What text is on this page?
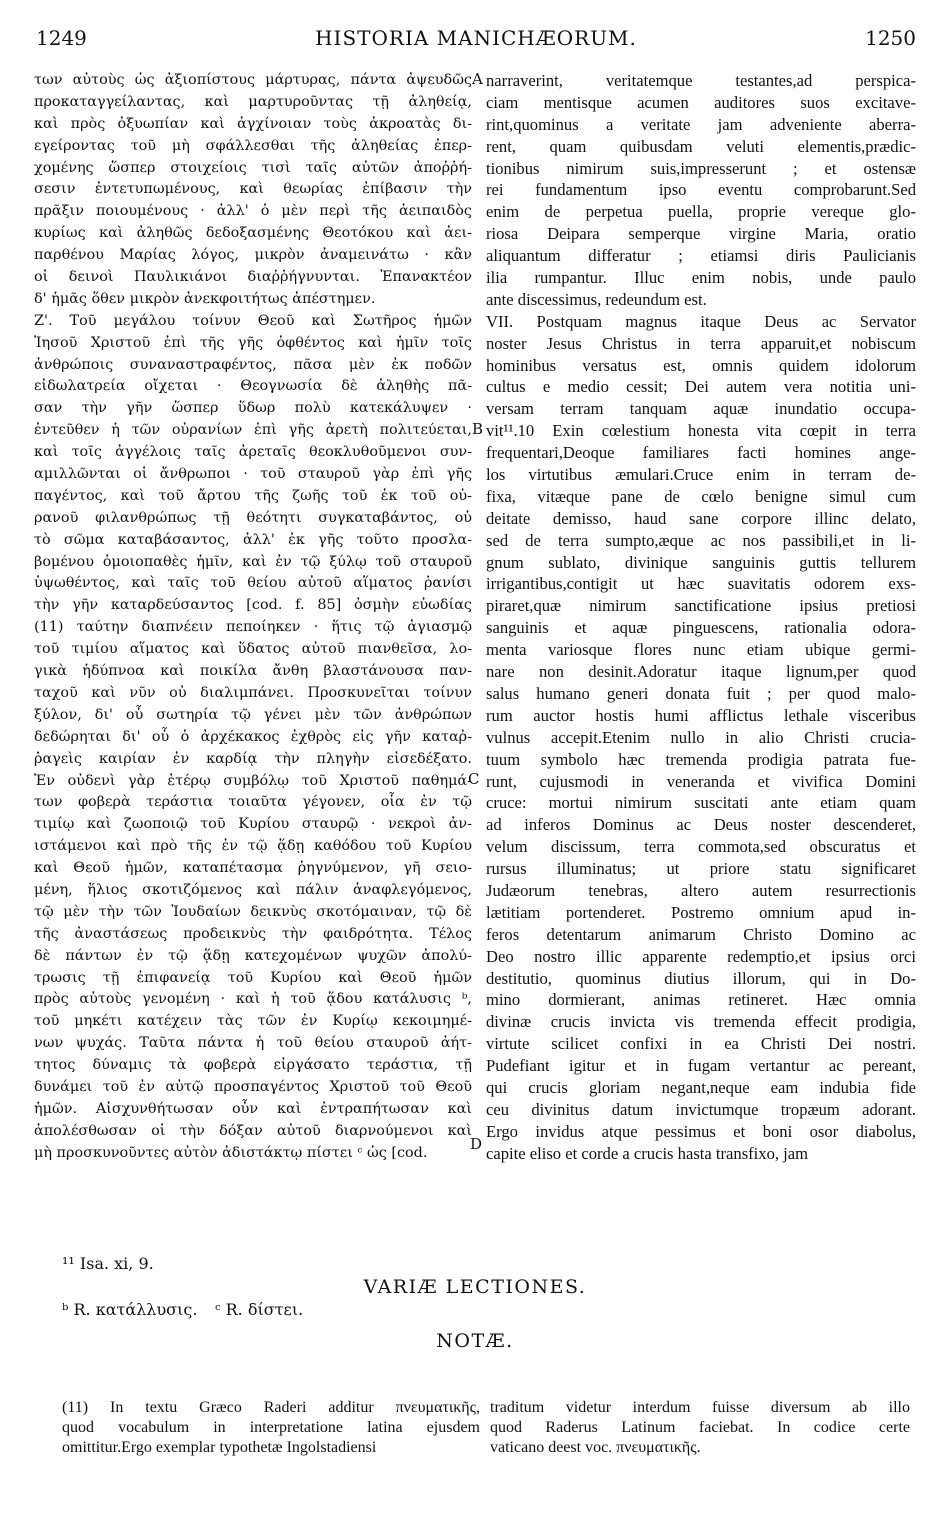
1249	HISTORIA MANICHÆORUM.	1250
των αὐτοὺς ὡς ἀξιοπίστους μάρτυρας, πάντα ἀψευδῶς
προκαταγγείλαντας, καὶ μαρτυροῦντας τῇ ἀληθείᾳ,
καὶ πρὸς ὀξυωπίαν καὶ ἀγχίνοιαν τοὺς ἀκροατὰς δι-
εγείροντας τοῦ μὴ σφάλλεσθαι τῆς ἀληθείας ἐπερ-
χομένης ὥσπερ στοιχείοις τισὶ ταῖς αὐτῶν ἀποῤῥή-
σεσιν ἐντετυπωμένους, καὶ θεωρίας ἐπίβασιν τὴν
πρᾶξιν ποιουμένους · ἀλλ' ὁ μὲν περὶ τῆς ἀειπαιδὸς
κυρίως καὶ ἀληθῶς δεδοξασμένης Θεοτόκου καὶ ἀει-
παρθένου Μαρίας λόγος, μικρὸν ἀναμεινάτω · κἂν
οἱ δεινοὶ Παυλικιάνοι διαῤῥήγνυνται. Ἐπανακτέον
δ' ἡμᾶς ὅθεν μικρὸν ἀνεκφοιτήτως ἀπέστημεν.
Ζ'. Τοῦ μεγάλου τοίνυν Θεοῦ καὶ Σωτῆρος ἡμῶν
Ἰησοῦ Χριστοῦ ἐπὶ τῆς γῆς ὀφθέντος καὶ ἡμῖν τοῖς
ἀνθρώποις συναναστραφέντος, πᾶσα μὲν ἐκ ποδῶν
εἰδωλατρεία οἴχεται · Θεογνωσία δὲ ἀληθὴς πᾶ-
σαν τὴν γῆν ὥσπερ ὕδωρ πολὺ κατεκάλυψεν ·
ἐντεῦθεν ἡ τῶν οὐρανίων ἐπὶ γῆς ἀρετὴ πολιτεύεται,
καὶ τοῖς ἀγγέλοις ταῖς ἀρεταῖς θεοκλυθοῦμενοι συν-
αμιλλῶνται οἱ ἄνθρωποι · τοῦ σταυροῦ γὰρ ἐπὶ γῆς
παγέντος, καὶ τοῦ ἄρτου τῆς ζωῆς τοῦ ἐκ τοῦ οὐ-
ρανοῦ φιλανθρώπως τῇ θεότητι συγκαταβάντος, οὐ
τὸ σῶμα καταβάσαντος, ἀλλ' ἐκ γῆς τοῦτο προσλα-
βομένου ὁμοιοπαθὲς ἡμῖν, καὶ ἐν τῷ ξύλῳ τοῦ σταυροῦ
ὑψωθέντος, καὶ ταῖς τοῦ θείου αὐτοῦ αἵματος ῥανίσι
τὴν γῆν καταρδεύσαντος [cod. f. 85] ὀσμὴν εὐωδίας
(11) ταύτην διαπνέειν πεποίηκεν · ἥτις τῷ ἁγιασμῷ
τοῦ τιμίου αἵματος καὶ ὕδατος αὐτοῦ πιανθεῖσα, λο-
γικὰ ἡδύπνοα καὶ ποικίλα ἄνθη βλαστάνουσα παν-
ταχοῦ καὶ νῦν οὐ διαλιμπάνει. Προσκυνεῖται τοίνυν
ξύλον, δι' οὗ σωτηρία τῷ γένει μὲν τῶν ἀνθρώπων
δεδώρηται δι' οὗ ὁ ἀρχέκακος ἐχθρὸς εἰς γῆν καταῤ-
ῥαγεὶς καιρίαν ἐν καρδίᾳ τὴν πληγὴν εἰσεδέξατο.
Ἐν οὐδενὶ γὰρ ἑτέρῳ συμβόλῳ τοῦ Χριστοῦ παθημά-
των φοβερὰ τεράστια τοιαῦτα γέγονεν, οἷα ἐν τῷ
τιμίῳ καὶ ζωοποιῷ τοῦ Κυρίου σταυρῷ · νεκροὶ ἀν-
ιστάμενοι καὶ πρὸ τῆς ἐν τῷ ᾅδῃ καθόδου τοῦ Κυρίου
καὶ Θεοῦ ἡμῶν, καταπέτασμα ῥηγνύμενον, γῆ σειο-
μένη, ἥλιος σκοτιζόμενος καὶ πάλιν ἀναφλεγόμενος,
τῷ μὲν τὴν τῶν Ἰουδαίων δεικνὺς σκοτόμαιναν, τῷ δὲ
τῆς ἀναστάσεως προδεικνὺς τὴν φαιδρότητα. Τέλος
δὲ πάντων ἐν τῷ ᾅδῃ κατεχομένων ψυχῶν ἀπολύ-
τρωσις τῇ ἐπιφανείᾳ τοῦ Κυρίου καὶ Θεοῦ ἡμῶν
πρὸς αὐτοὺς γενομένη · καὶ ἡ τοῦ ᾅδου κατάλυσις ᵇ,
τοῦ μηκέτι κατέχειν τὰς τῶν ἐν Κυρίῳ κεκοιμημέ-
νων ψυχάς. Ταῦτα πάντα ἡ τοῦ θείου σταυροῦ ἀήτ-
τητος δύναμις τὰ φοβερὰ εἰργάσατο τεράστια, τῇ
δυνάμει τοῦ ἐν αὐτῷ προσπαγέντος Χριστοῦ τοῦ Θεοῦ
ἡμῶν. Αἰσχυνθήτωσαν οὖν καὶ ἐντραπήτωσαν καὶ
ἀπολέσθωσαν οἱ τὴν δόξαν αὐτοῦ διαρνούμενοι καὶ
μὴ προσκυνοῦντες αὐτὸν ἀδιστάκτῳ πίστει ᶜ ὡς [cod.
narraverint, veritatemque testantes,ad perspica-
ciam mentisque acumen auditores suos excitave-
rint,quominus a veritate jam adveniente aberra-
rent, quam quibusdam veluti elementis,prædic-
tionibus nimirum suis,impresserunt ; et ostensæ
rei fundamentum ipso eventu comprobarunt.Sed
enim de perpetua puella, proprie vereque glo-
riosa Deipara semperque virgine Maria, oratio
aliquantum differatur ; etiamsi diris Paulicianis
ilia rumpantur. Illuc enim nobis, unde paulo
ante discessimus, redeundum est.
VII. Postquam magnus itaque Deus ac Servator
noster Jesus Christus in terra apparuit,et nobiscum
hominibus versatus est, omnis quidem idolorum
cultus e medio cessit; Dei autem vera notitia uni-
versam terram tanquam aquæ inundatio occupa-
vit¹¹.10 Exin cœlestium honesta vita cœpit in terra
frequentari,Deoque familiares facti homines ange-
los virtutibus æmulari.Cruce enim in terram de-
fixa, vitæque pane de cœlo benigne simul cum
deitate demisso, haud sane corpore illinc delato,
sed de terra sumpto,æque ac nos passibili,et in li-
gnum sublato, divinique sanguinis guttis tellurem
irrigantibus,contigit ut hæc suavitatis odorem exs-
piraret,quæ nimirum sanctificatione ipsius pretiosi
sanguinis et aquæ pinguescens, rationalia odora-
menta variosque flores nunc etiam ubique germi-
nare non desinit.Adoratur itaque lignum,per quod
salus humano generi donata fuit ; per quod malo-
rum auctor hostis humi afflictus lethale visceribus
vulnus accepit.Etenim nullo in alio Christi crucia-
tuum symbolo hæc tremenda prodigia patrata fue-
runt, cujusmodi in veneranda et vivifica Domini
cruce: mortui nimirum suscitati ante etiam quam
ad inferos Dominus ac Deus noster descenderet,
velum discissum, terra commota,sed obscuratus et
rursus illuminatus; ut priore statu significaret
Judæorum tenebras, altero autem resurrectionis
lætitiam portenderet. Postremo omnium apud in-
feros detentarum animarum Christo Domino ac
Deo nostro illic apparente redemptio,et ipsius orci
destitutio, quominus diutius illorum, qui in Do-
mino dormierant, animas retineret. Hæc omnia
divinæ crucis invicta vis tremenda effecit prodigia,
virtute scilicet confixi in ea Christi Dei nostri.
Pudefiant igitur et in fugam vertantur ac pereant,
qui crucis gloriam negant,neque eam indubia fide
ceu divinitus datum invictumque tropæum adorant.
Ergo invidus atque pessimus et boni osor diabolus,
capite eliso et corde a crucis hasta transfixo, jam
A
B
C
D
¹¹ Isa. xi, 9.
VARIÆ LECTIONES.
ᵇ R. κατάλλυσις. ᶜ R. δίστει.
NOTÆ.
(11) In textu Græco Raderi additur πνευματικῆς,
quod vocabulum in interpretatione latina ejusdem
omittitur.Ergo exemplar typothetæ Ingolstadiensi
traditum videtur interdum fuisse diversum ab illo
quod Raderus Latinum faciebat. In codice certe
vaticano deest voc. πνευματικῆς.
